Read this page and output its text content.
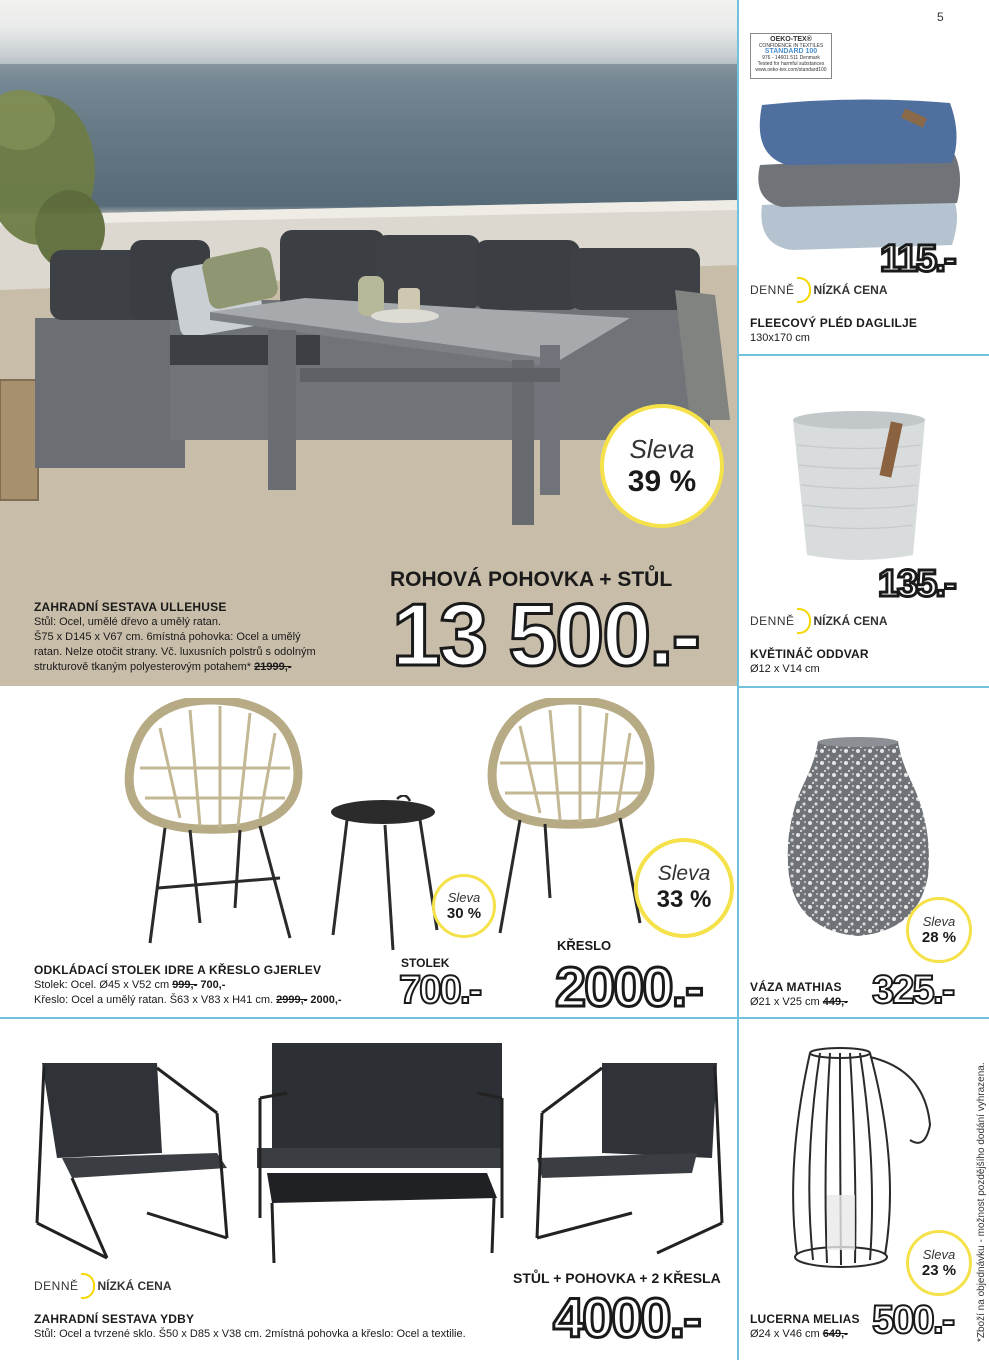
5
Sleva
39 %
ROHOVÁ POHOVKA + STŮL
13 500.-
ZAHRADNÍ SESTAVA ULLEHUSE
Stůl: Ocel, umělé dřevo a umělý ratan.
Š75 x D145 x V67 cm. 6místná pohovka: Ocel a umělý
ratan. Nelze otočit strany. Vč. luxusních polstrů s odolným
strukturově tkaným polyesterovým potahem* 21999,-
OEKO-TEX®
CONFIDENCE IN TEXTILES
STANDARD 100
976 - 14601 511 Denmark
Tested for harmful substances
www.oeko-tex.com/standard100
115.-
DENNĚ NÍZKÁ CENA
FLEECOVÝ PLÉD DAGLILJE
130x170 cm
135.-
DENNĚ NÍZKÁ CENA
KVĚTINÁČ ODDVAR
Ø12 x V14 cm
Sleva
30 %
Sleva
33 %
STOLEK
700.-
KŘESLO
2000.-
ODKLÁDACÍ STOLEK IDRE A KŘESLO GJERLEV
Stolek: Ocel. Ø45 x V52 cm 999,- 700,-
Křeslo: Ocel a umělý ratan. Š63 x V83 x H41 cm. 2999,- 2000,-
Sleva
28 %
325.-
VÁZA MATHIAS
Ø21 x V25 cm 449,-
DENNĚ NÍZKÁ CENA	STŮL + POHOVKA + 2 KŘESLA
4000.-
ZAHRADNÍ SESTAVA YDBY
Stůl: Ocel a tvrzené sklo. Š50 x D85 x V38 cm. 2místná pohovka a křeslo: Ocel a textilie.
Sleva
23 %
500.-
LUCERNA MELIAS
Ø24 x V46 cm 649,-	*Zboží na objednávku - možnost pozdějšího dodání vyhrazena.
